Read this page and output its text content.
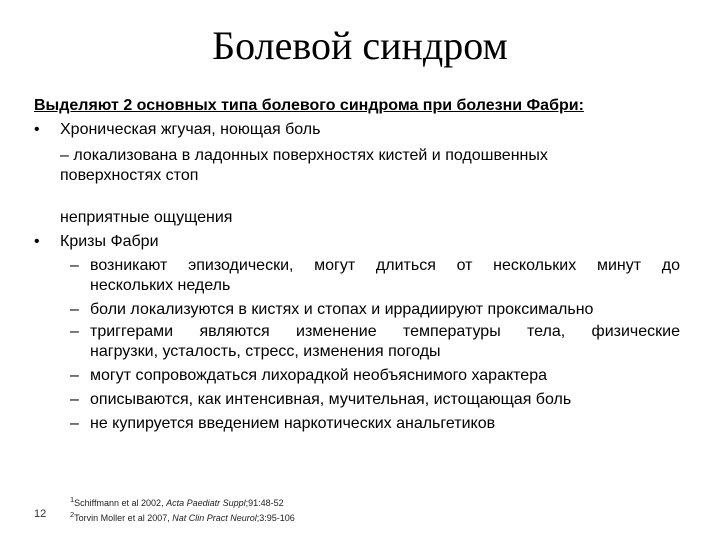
Болевой синдром
Выделяют 2 основных типа болевого синдрома при болезни Фабри:
• Хроническая жгучая, ноющая боль
– локализована в ладонных поверхностях кистей и подошвенных
поверхностях стоп
неприятные ощущения
• Кризы Фабри
– возникают эпизодически, могут длиться от нескольких минут до
нескольких недель
– боли локализуются в кистях и стопах и иррадиируют проксимально
– триггерами являются изменение температуры тела, физические
нагрузки, усталость, стресс, изменения погоды
– могут сопровождаться лихорадкой необъяснимого характера
– описываются, как интенсивная, мучительная, истощающая боль
– не купируется введением наркотических анальгетиков
$^1$Schiffmann et al 2002, Acta Paediatr Suppl;91:48-52
$^2$Torvin Moller et al 2007, Nat Clin Pract Neurol;3:95-106
12
